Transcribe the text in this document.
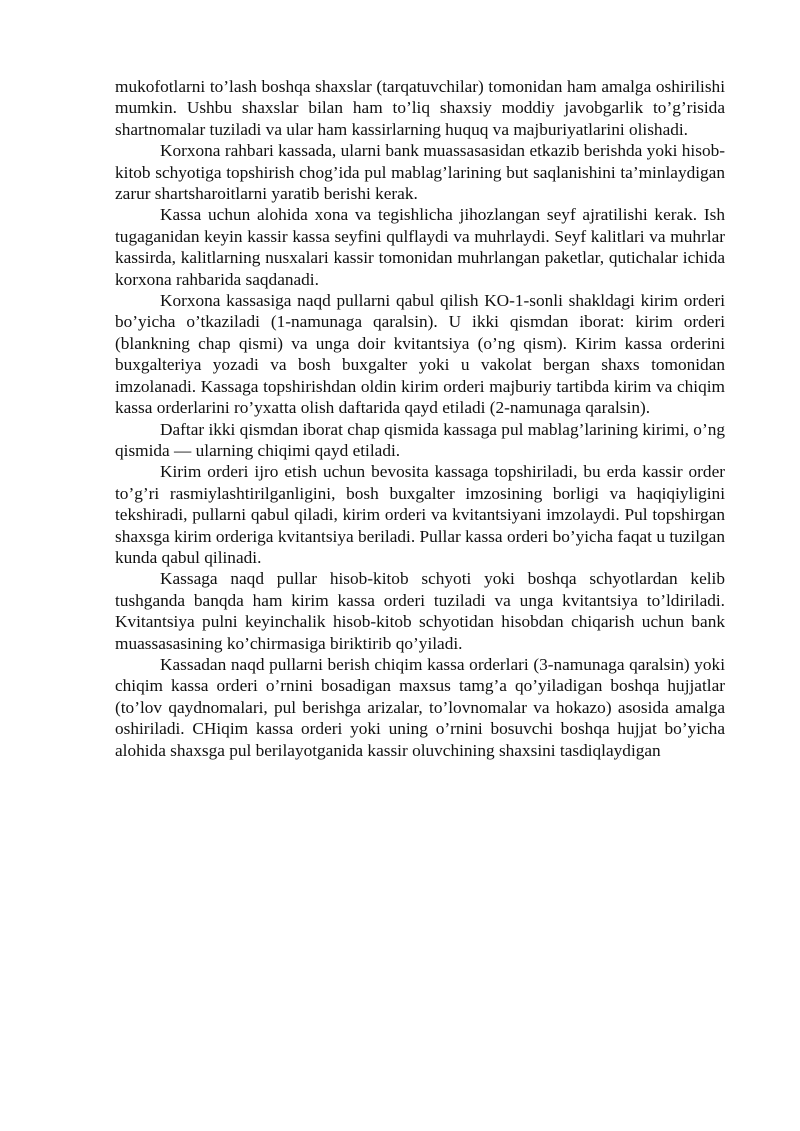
mukofotlarni to’lash boshqa shaxslar (tarqatuvchilar) tomonidan ham amalga oshirilishi mumkin. Ushbu shaxslar bilan ham to’liq shaxsiy moddiy javobgarlik to’g’risida shartnomalar tuziladi va ular ham kassirlarning huquq va majburiyatlarini olishadi.

Korxona rahbari kassada, ularni bank muassasasidan etkazib berishda yoki hisob-kitob schyotiga topshirish chog’ida pul mablag’larining but saqlanishini ta’minlaydigan zarur shartsharoitlarni yaratib berishi kerak.

Kassa uchun alohida xona va tegishlicha jihozlangan seyf ajratilishi kerak. Ish tugaganidan keyin kassir kassa seyfini qulflaydi va muhrlaydi. Seyf kalitlari va muhrlar kassirda, kalitlarning nusxalari kassir tomonidan muhrlangan paketlar, qutichalar ichida korxona rahbarida saqdanadi.

Korxona kassasiga naqd pullarni qabul qilish KO-1-sonli shakldagi kirim orderi bo’yicha o’tkaziladi (1-namunaga qaralsin). U ikki qismdan iborat: kirim orderi (blankning chap qismi) va unga doir kvitantsiya (o’ng qism). Kirim kassa orderini buxgalteriya yozadi va bosh buxgalter yoki u vakolat bergan shaxs tomonidan imzolanadi. Kassaga topshirishdan oldin kirim orderi majburiy tartibda kirim va chiqim kassa orderlarini ro’yxatta olish daftarida qayd etiladi (2-namunaga qaralsin).

Daftar ikki qismdan iborat chap qismida kassaga pul mablag’larining kirimi, o’ng qismida — ularning chiqimi qayd etiladi.

Kirim orderi ijro etish uchun bevosita kassaga topshiriladi, bu erda kassir order to’g’ri rasmiylashtirilganligini, bosh buxgalter imzosining borligi va haqiqiyligini tekshiradi, pullarni qabul qiladi, kirim orderi va kvitantsiyani imzolaydi. Pul topshirgan shaxsga kirim orderiga kvitantsiya beriladi. Pullar kassa orderi bo’yicha faqat u tuzilgan kunda qabul qilinadi.

Kassaga naqd pullar hisob-kitob schyoti yoki boshqa schyotlardan kelib tushganda banqda ham kirim kassa orderi tuziladi va unga kvitantsiya to’ldiriladi. Kvitantsiya pulni keyinchalik hisob-kitob schyotidan hisobdan chiqarish uchun bank muassasasining ko’chirmasiga biriktirib qo’yiladi.

Kassadan naqd pullarni berish chiqim kassa orderlari (3-namunaga qaralsin) yoki chiqim kassa orderi o’rnini bosadigan maxsus tamg’a qo’yiladigan boshqa hujjatlar (to’lov qaydnomalari, pul berishga arizalar, to’lovnomalar va hokazo) asosida amalga oshiriladi. CHiqim kassa orderi yoki uning o’rnini bosuvchi boshqa hujjat bo’yicha alohida shaxsga pul berilayotganida kassir oluvchining shaxsini tasdiqlaydigan
